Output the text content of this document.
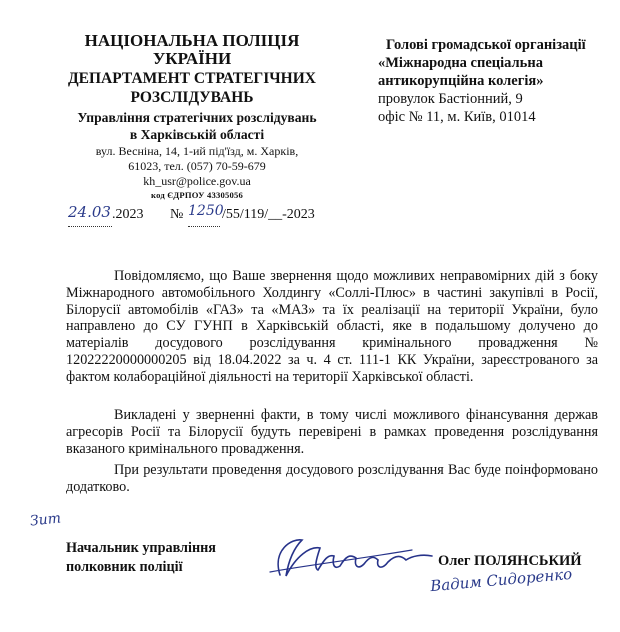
НАЦІОНАЛЬНА ПОЛІЦІЯ
УКРАЇНИ
ДЕПАРТАМЕНТ СТРАТЕГІЧНИХ
РОЗСЛІДУВАНЬ
Управління стратегічних розслідувань
в Харківській області
вул. Весніна, 14, 1-ий під'їзд, м. Харків,
61023, тел. (057) 70-59-679
kh_usr@police.gov.ua
код ЄДРПОУ 43305056
24.03 .2023 № 1250
/55/119/__-2023
Голові громадської організації
«Міжнародна спеціальна
антикорупційна колегія»
провулок Бастіонний, 9
офіс № 11, м. Київ, 01014
Повідомляємо, що Ваше звернення щодо можливих неправомірних дій з боку Міжнародного автомобільного Холдингу «Соллі-Плюс» в частині закупівлі в Росії, Білорусії автомобілів «ГАЗ» та «МАЗ» та їх реалізації на території України, було направлено до СУ ГУНП в Харківській області, яке в подальшому долучено до матеріалів досудового розслідування кримінального провадження № 12022220000000205 від 18.04.2022 за ч. 4 ст. 111-1 КК України, зареєстрованого за фактом колабораційної діяльності на території Харківської області.
Викладені у зверненні факти, в тому числі можливого фінансування держав агресорів Росії та Білорусії будуть перевірені в рамках проведення розслідування вказаного кримінального провадження.
При результати проведення досудового розслідування Вас буде поінформовано додатково.
Зит
Начальник управління
полковник поліції	Олег ПОЛЯНСЬКИЙ
Вадим Сидоренко
